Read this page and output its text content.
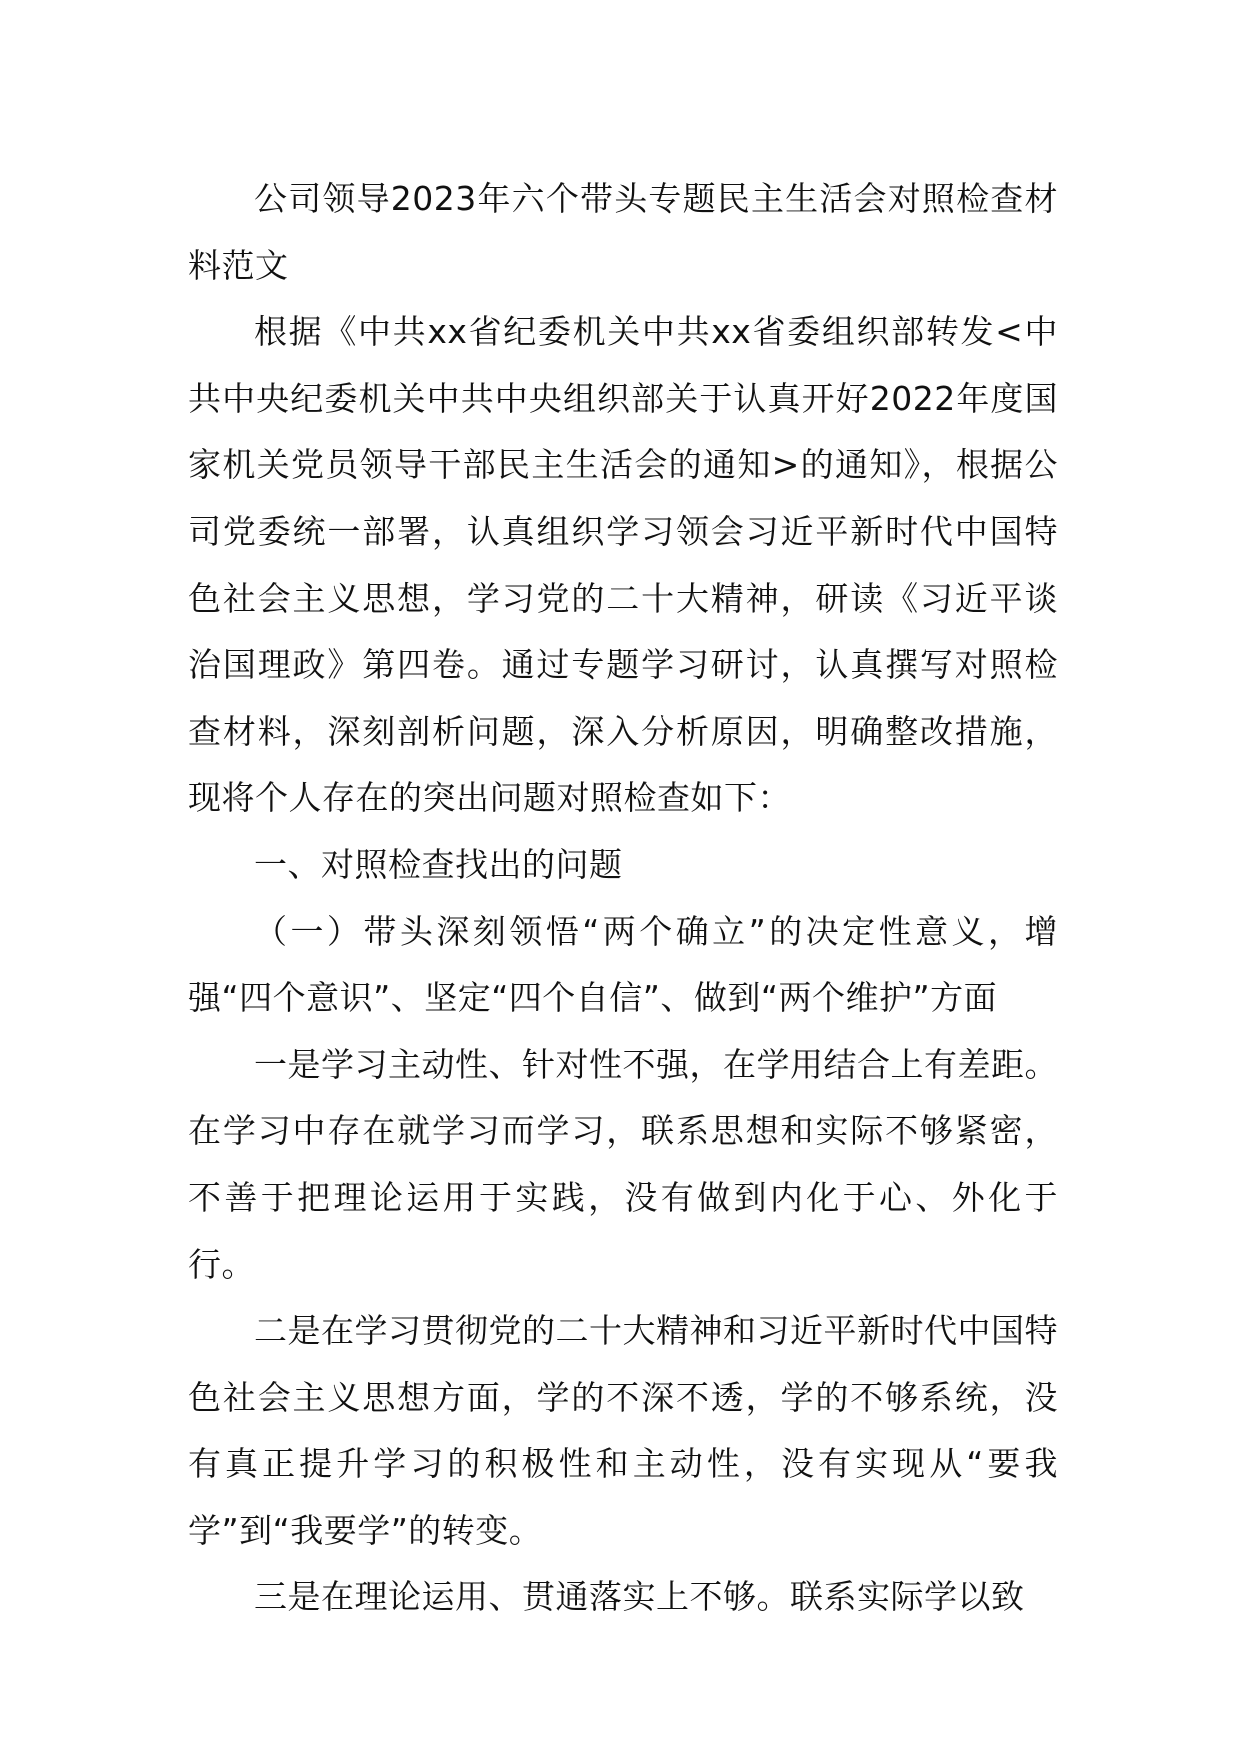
公司领导2023年六个带头专题民主生活会对照检查材料范文

根据《中共xx省纪委机关中共xx省委组织部转发<中共中央纪委机关中共中央组织部关于认真开好2022年度国家机关党员领导干部民主生活会的通知>的通知》，根据公司党委统一部署，认真组织学习领会习近平新时代中国特色社会主义思想，学习党的二十大精神，研读《习近平谈治国理政》第四卷。通过专题学习研讨，认真撰写对照检查材料，深刻剖析问题，深入分析原因，明确整改措施，现将个人存在的突出问题对照检查如下：

一、对照检查找出的问题

（一）带头深刻领悟“两个确立”的决定性意义，增强“四个意识”、坚定“四个自信”、做到“两个维护”方面

一是学习主动性、针对性不强，在学用结合上有差距。在学习中存在就学习而学习，联系思想和实际不够紧密，不善于把理论运用于实践，没有做到内化于心、外化于行。

二是在学习贯彻党的二十大精神和习近平新时代中国特色社会主义思想方面，学的不深不透，学的不够系统，没有真正提升学习的积极性和主动性，没有实现从“要我学”到“我要学”的转变。

三是在理论运用、贯通落实上不够。联系实际学以致
